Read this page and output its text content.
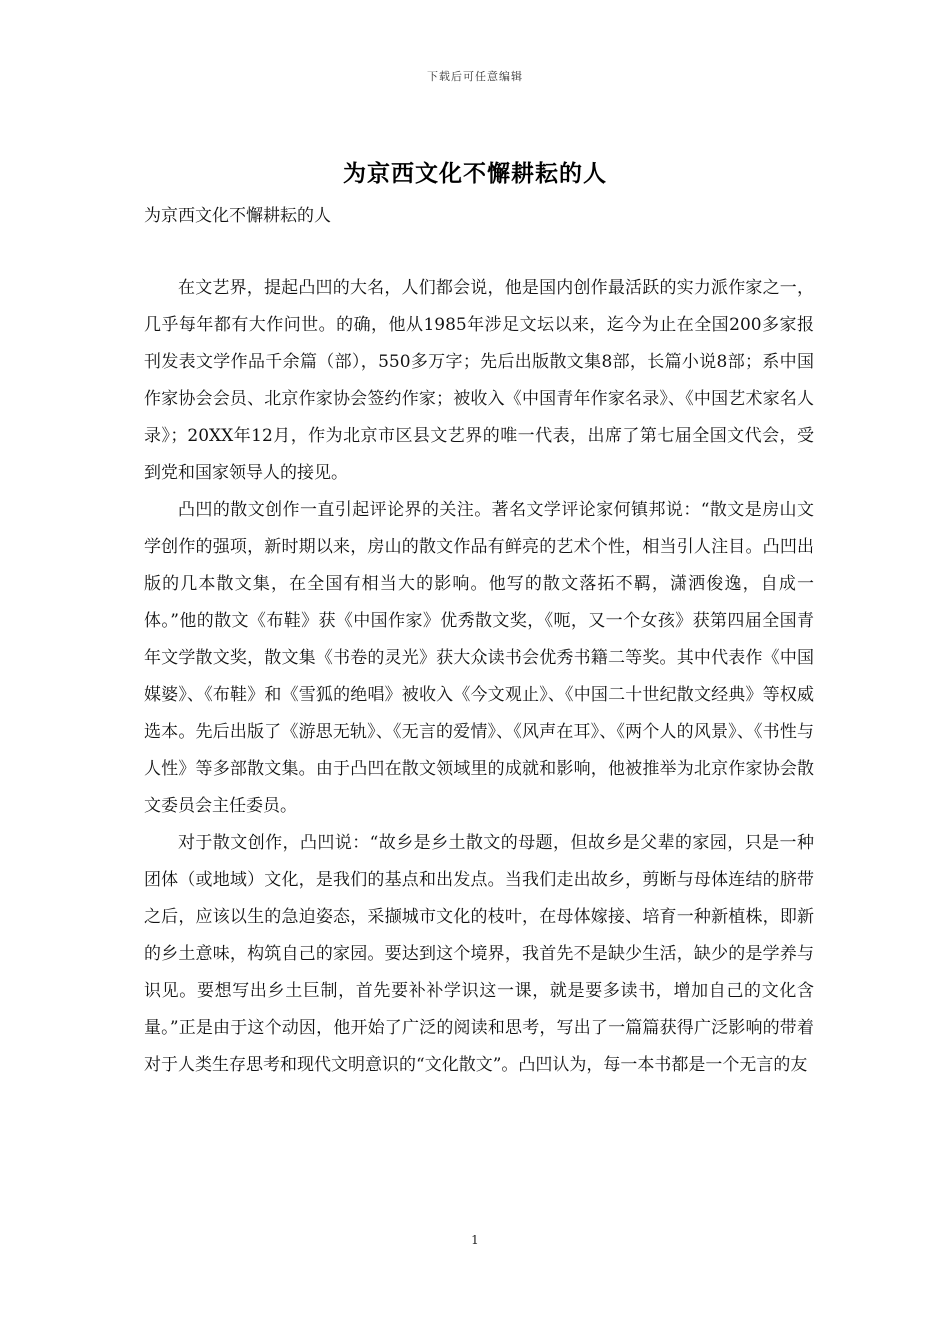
下载后可任意编辑
为京西文化不懈耕耘的人
为京西文化不懈耕耘的人

在文艺界，提起凸凹的大名，人们都会说，他是国内创作最活跃的实力派作家之一，几乎每年都有大作问世。的确，他从1985年涉足文坛以来，迄今为止在全国200多家报刊发表文学作品千余篇（部），550多万字；先后出版散文集8部，长篇小说8部；系中国作家协会会员、北京作家协会签约作家；被收入《中国青年作家名录》、《中国艺术家名人录》；20XX年12月，作为北京市区县文艺界的唯一代表，出席了第七届全国文代会，受到党和国家领导人的接见。

凸凹的散文创作一直引起评论界的关注。著名文学评论家何镇邦说：“散文是房山文学创作的强项，新时期以来，房山的散文作品有鲜亮的艺术个性，相当引人注目。凸凹出版的几本散文集，在全国有相当大的影响。他写的散文落拓不羁，潇洒俊逸，自成一体。”他的散文《布鞋》获《中国作家》优秀散文奖，《呃，又一个女孩》获第四届全国青年文学散文奖，散文集《书卷的灵光》获大众读书会优秀书籍二等奖。其中代表作《中国媒婆》、《布鞋》和《雪狐的绝唱》被收入《今文观止》、《中国二十世纪散文经典》等权威选本。先后出版了《游思无轨》、《无言的爱情》、《风声在耳》、《两个人的风景》、《书性与人性》等多部散文集。由于凸凹在散文领域里的成就和影响，他被推举为北京作家协会散文委员会主任委员。

对于散文创作，凸凹说：“故乡是乡土散文的母题，但故乡是父辈的家园，只是一种团体（或地域）文化，是我们的基点和出发点。当我们走出故乡，剪断与母体连结的脐带之后，应该以生的急迫姿态，采撷城市文化的枝叶，在母体嫁接、培育一种新植株，即新的乡土意味，构筑自己的家园。要达到这个境界，我首先不是缺少生活，缺少的是学养与识见。要想写出乡土巨制，首先要补补学识这一课，就是要多读书，增加自己的文化含量。”正是由于这个动因，他开始了广泛的阅读和思考，写出了一篇篇获得广泛影响的带着对于人类生存思考和现代文明意识的“文化散文”。凸凹认为，每一本书都是一个无言的友

1
